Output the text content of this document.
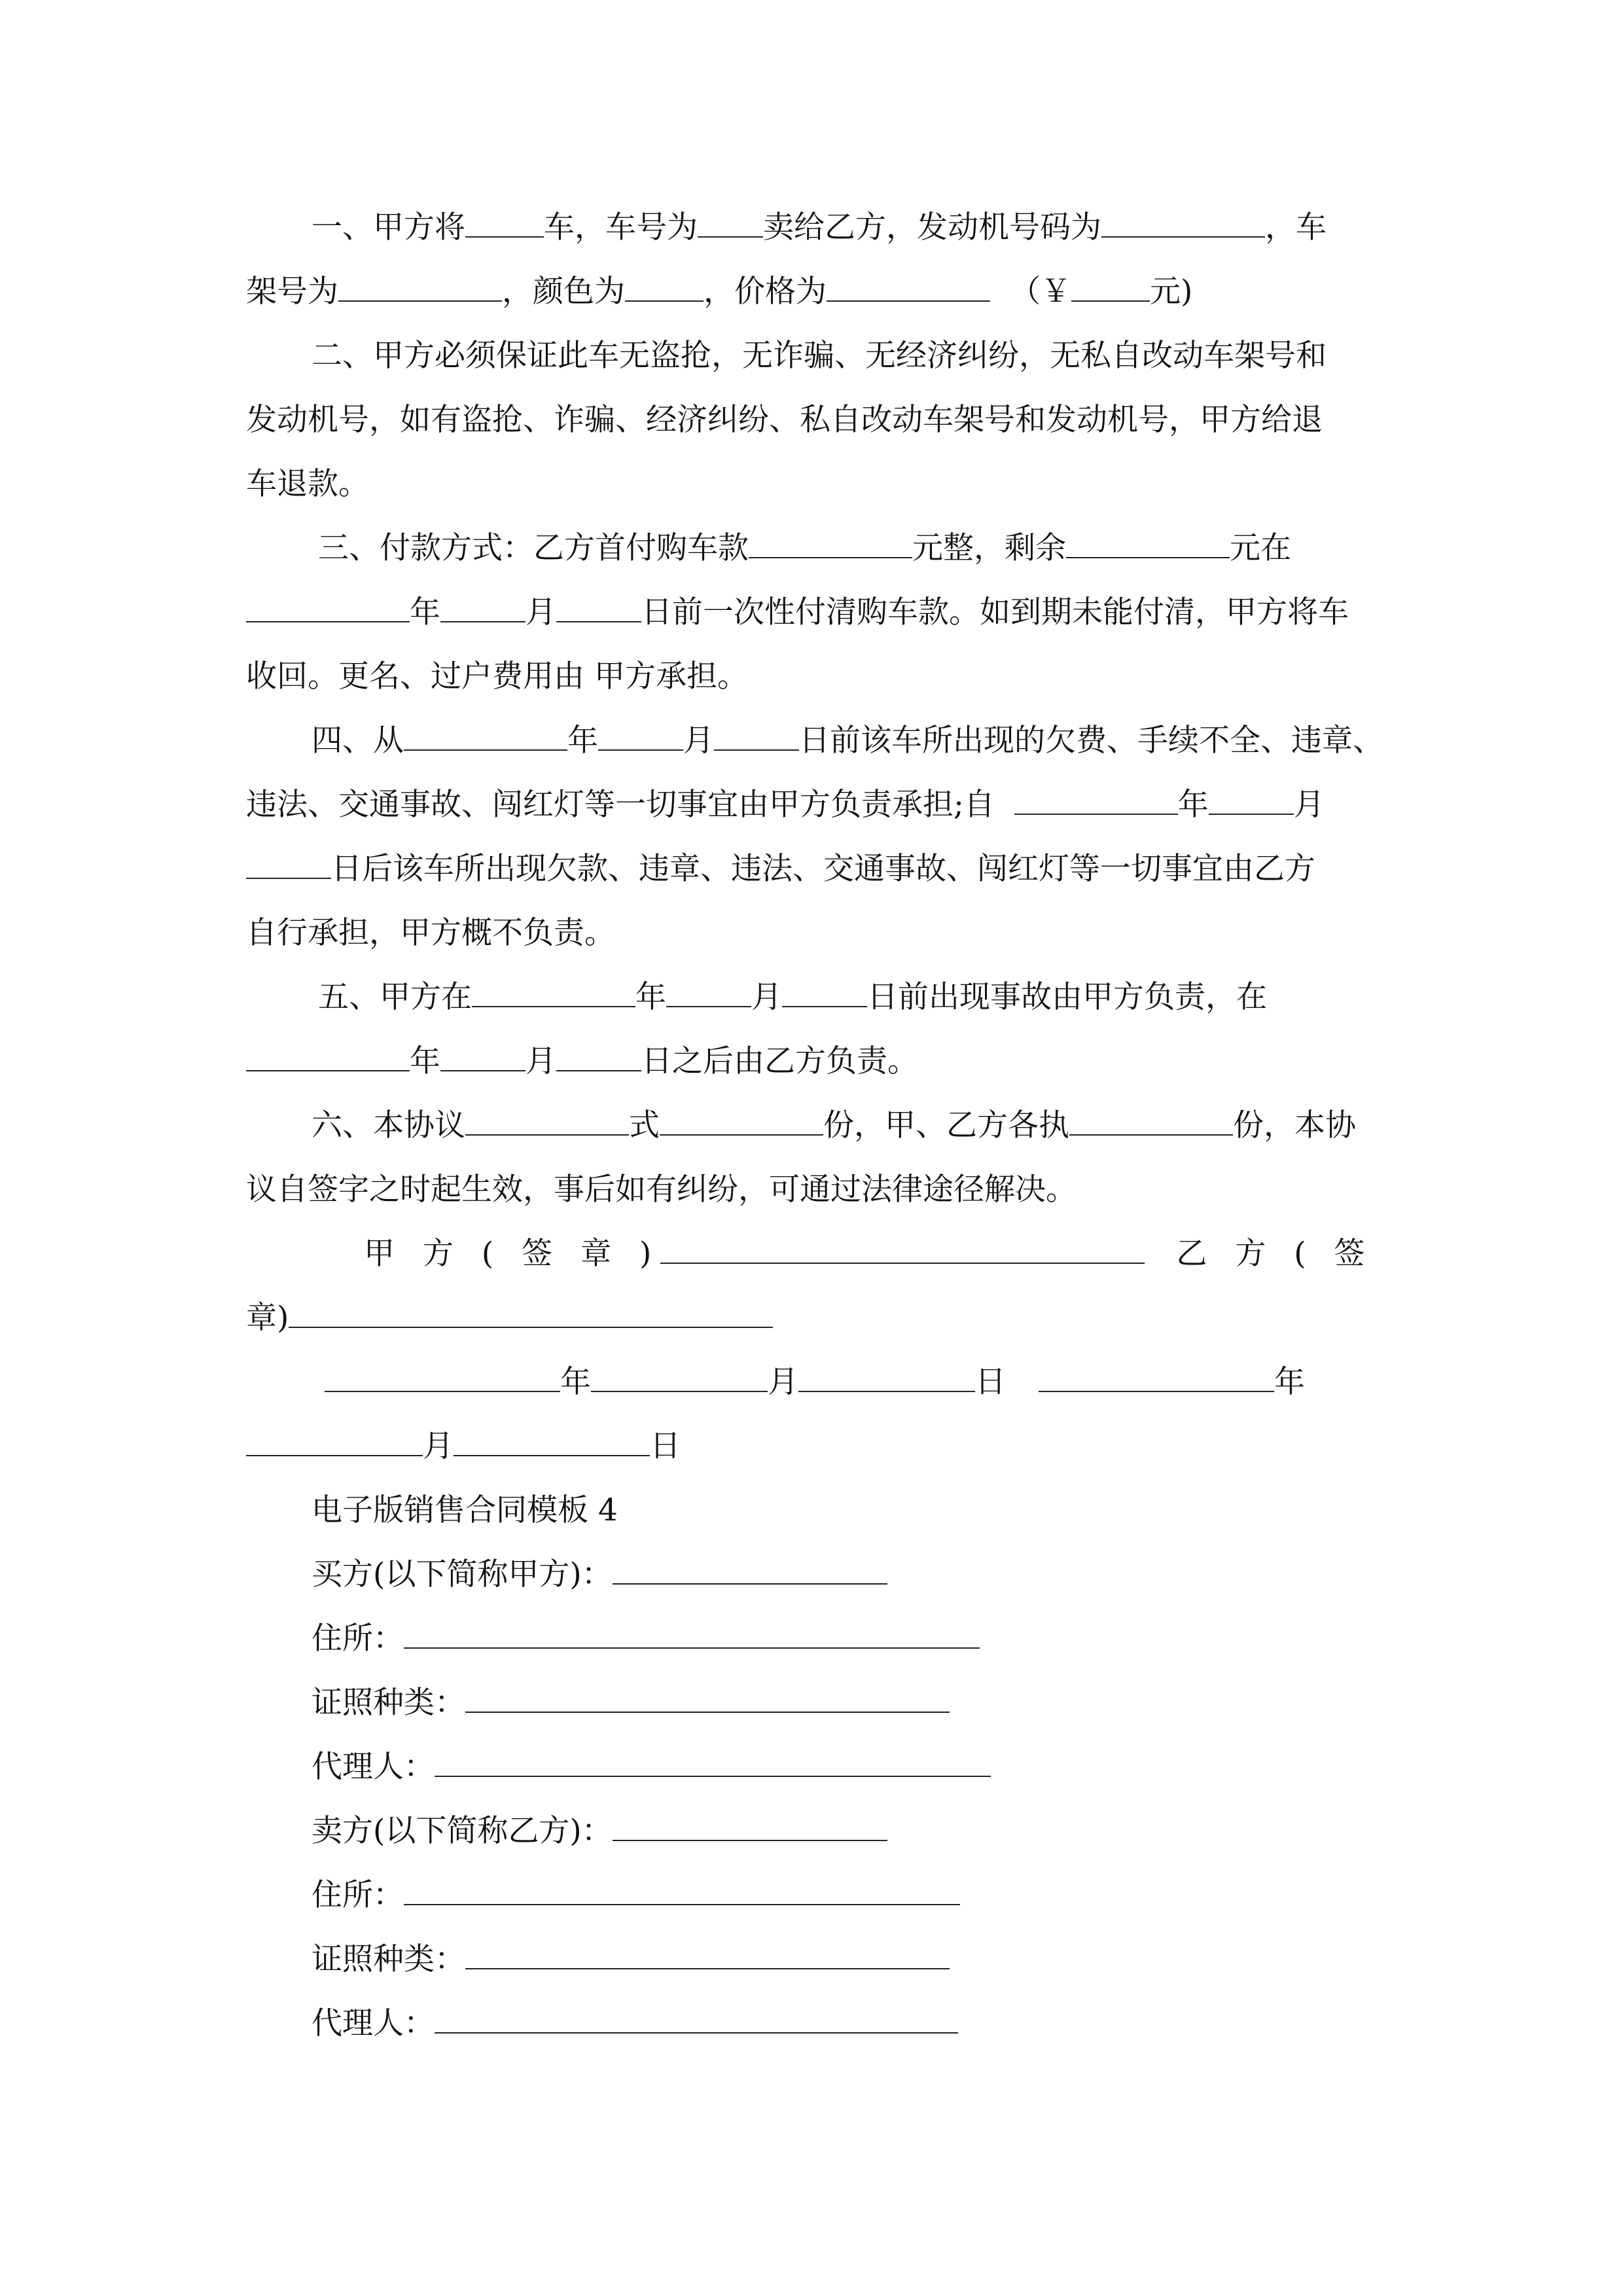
一、甲方将	车，车号为 卖给乙方，发动机号码为	，车
架号为	，颜色为	，价格为	（￥	元)
二、甲方必须保证此车无盗抢，无诈骗、无经济纠纷，无私自改动车架号和
发动机号，如有盗抢、诈骗、经济纠纷、私自改动车架号和发动机号，甲方给退
车退款。
三、付款方式：乙方首付购车款	元整，剩余	元在
年	月	日前一次性付清购车款。如到期未能付清，甲方将车
收回。更名、过户费用由 甲方承担。
四、从	年	月	日前该车所出现的欠费、手续不全、违章、
违法、交通事故、闯红灯等一切事宜由甲方负责承担;自	年	月
日后该车所出现欠款、违章、违法、交通事故、闯红灯等一切事宜由乙方
自行承担，甲方概不负责。
五、甲方在	年	月	日前出现事故由甲方负责，在
年	月	日之后由乙方负责。
六、本协议	式	份，甲、乙方各执	份，本协
议自签字之时起生效，事后如有纠纷，可通过法律途径解决。
甲 方 ( 签 章 )	乙 方 ( 签
章)
年	月	日	年
月	日
电子版销售合同模板 4
买方(以下简称甲方)：
住所：
证照种类：
代理人：
卖方(以下简称乙方)：
住所：
证照种类：
代理人：
